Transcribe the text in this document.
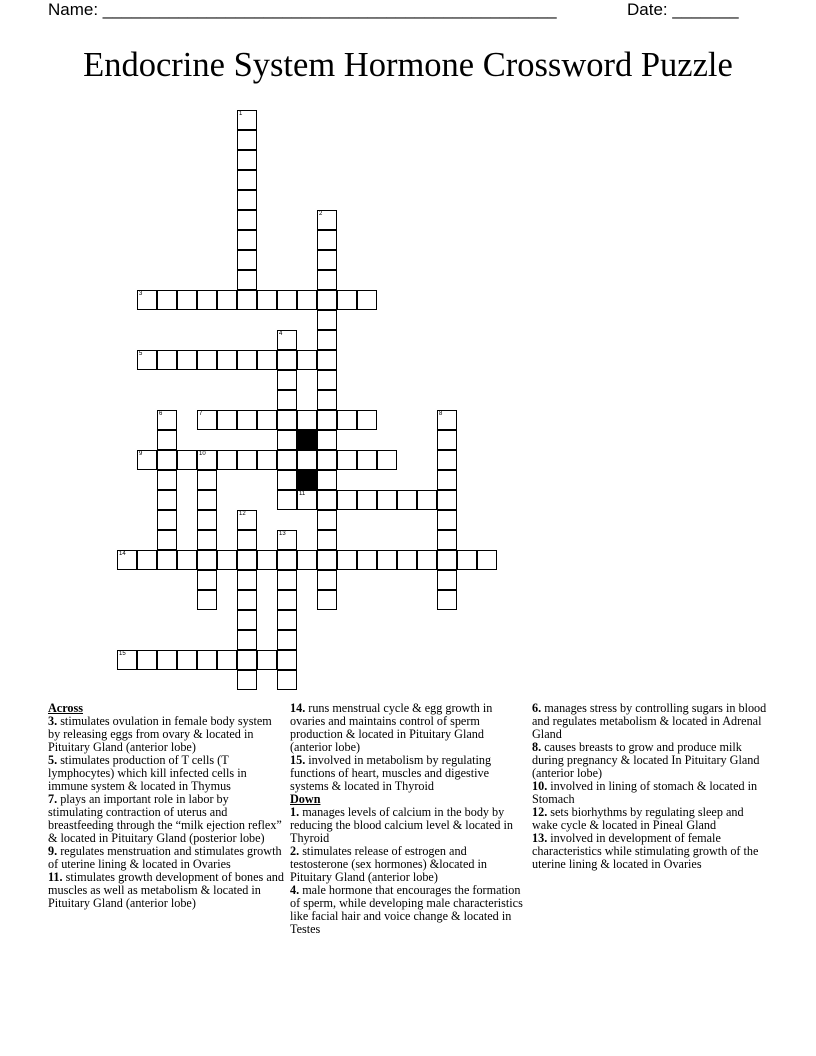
Name: ________________________________________________	Date: _______
Endocrine System Hormone Crossword Puzzle
1
2
3
4
5
6	7	8
9	10
11
12
13
14
15
Across
3. stimulates ovulation in female body system by releasing eggs from ovary & located in Pituitary Gland (anterior lobe)
5. stimulates production of T cells (T lymphocytes) which kill infected cells in immune system & located in Thymus
7. plays an important role in labor by stimulating contraction of uterus and breastfeeding through the “milk ejection reflex” & located in Pituitary Gland (posterior lobe)
9. regulates menstruation and stimulates growth of uterine lining & located in Ovaries
11. stimulates growth development of bones and muscles as well as metabolism & located in Pituitary Gland (anterior lobe)
14. runs menstrual cycle & egg growth in ovaries and maintains control of sperm production & located in Pituitary Gland (anterior lobe)
15. involved in metabolism by regulating functions of heart, muscles and digestive systems & located in Thyroid
Down
1. manages levels of calcium in the body by reducing the blood calcium level & located in Thyroid
2. stimulates release of estrogen and testosterone (sex hormones) &located in Pituitary Gland (anterior lobe)
4. male hormone that encourages the formation of sperm, while developing male characteristics like facial hair and voice change & located in Testes
6. manages stress by controlling sugars in blood and regulates metabolism & located in Adrenal Gland
8. causes breasts to grow and produce milk during pregnancy & located In Pituitary Gland (anterior lobe)
10. involved in lining of stomach & located in Stomach
12. sets biorhythms by regulating sleep and wake cycle & located in Pineal Gland
13. involved in development of female characteristics while stimulating growth of the uterine lining & located in Ovaries
